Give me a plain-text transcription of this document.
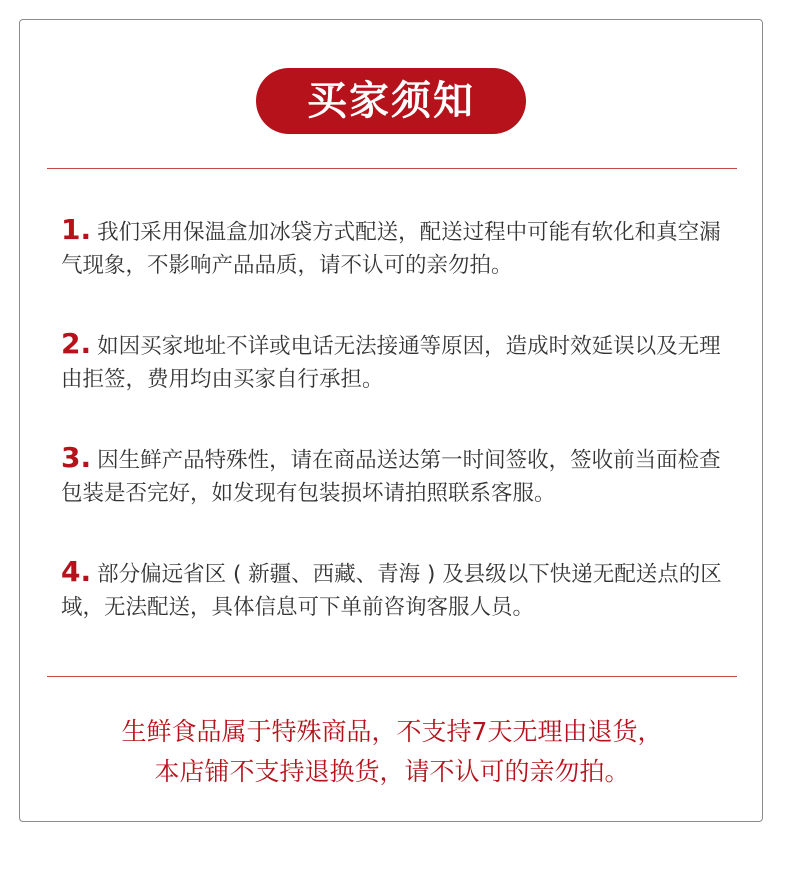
买家须知
1. 我们采用保温盒加冰袋方式配送，配送过程中可能有软化和真空漏气现象，不影响产品品质，请不认可的亲勿拍。
2. 如因买家地址不详或电话无法接通等原因，造成时效延误以及无理由拒签，费用均由买家自行承担。
3. 因生鲜产品特殊性，请在商品送达第一时间签收，签收前当面检查包装是否完好，如发现有包装损坏请拍照联系客服。
4. 部分偏远省区 ( 新疆、西藏、青海 ) 及县级以下快递无配送点的区域，无法配送，具体信息可下单前咨询客服人员。
生鲜食品属于特殊商品，不支持7天无理由退货，
本店铺不支持退换货，请不认可的亲勿拍。
